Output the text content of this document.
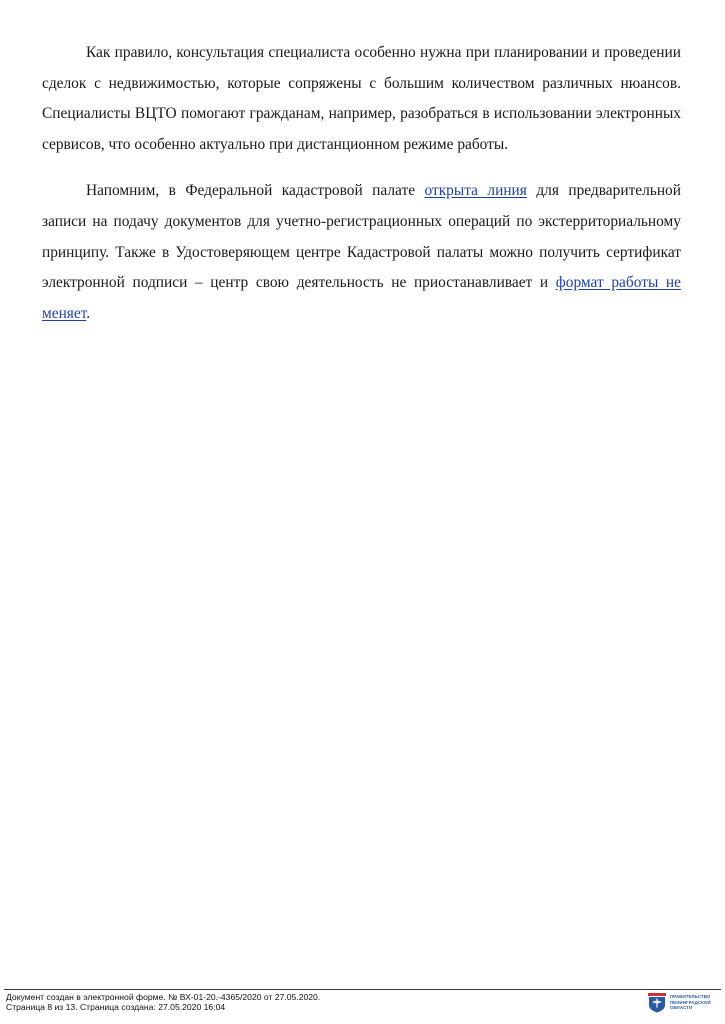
Как правило, консультация специалиста особенно нужна при планировании и проведении сделок с недвижимостью, которые сопряжены с большим количеством различных нюансов. Специалисты ВЦТО помогают гражданам, например, разобраться в использовании электронных сервисов, что особенно актуально при дистанционном режиме работы.

Напомним, в Федеральной кадастровой палате открыта линия для предварительной записи на подачу документов для учетно-регистрационных операций по экстерриториальному принципу. Также в Удостоверяющем центре Кадастровой палаты можно получить сертификат электронной подписи – центр свою деятельность не приостанавливает и формат работы не меняет.

Документ создан в электронной форме. № ВХ-01-20.-4365/2020 от 27.05.2020.
Страница 8 из 13. Страница создана: 27.05.2020 16:04
ПРАВИТЕЛЬСТВО
ЛЕНИНГРАДСКОЙ
ОБЛАСТИ
